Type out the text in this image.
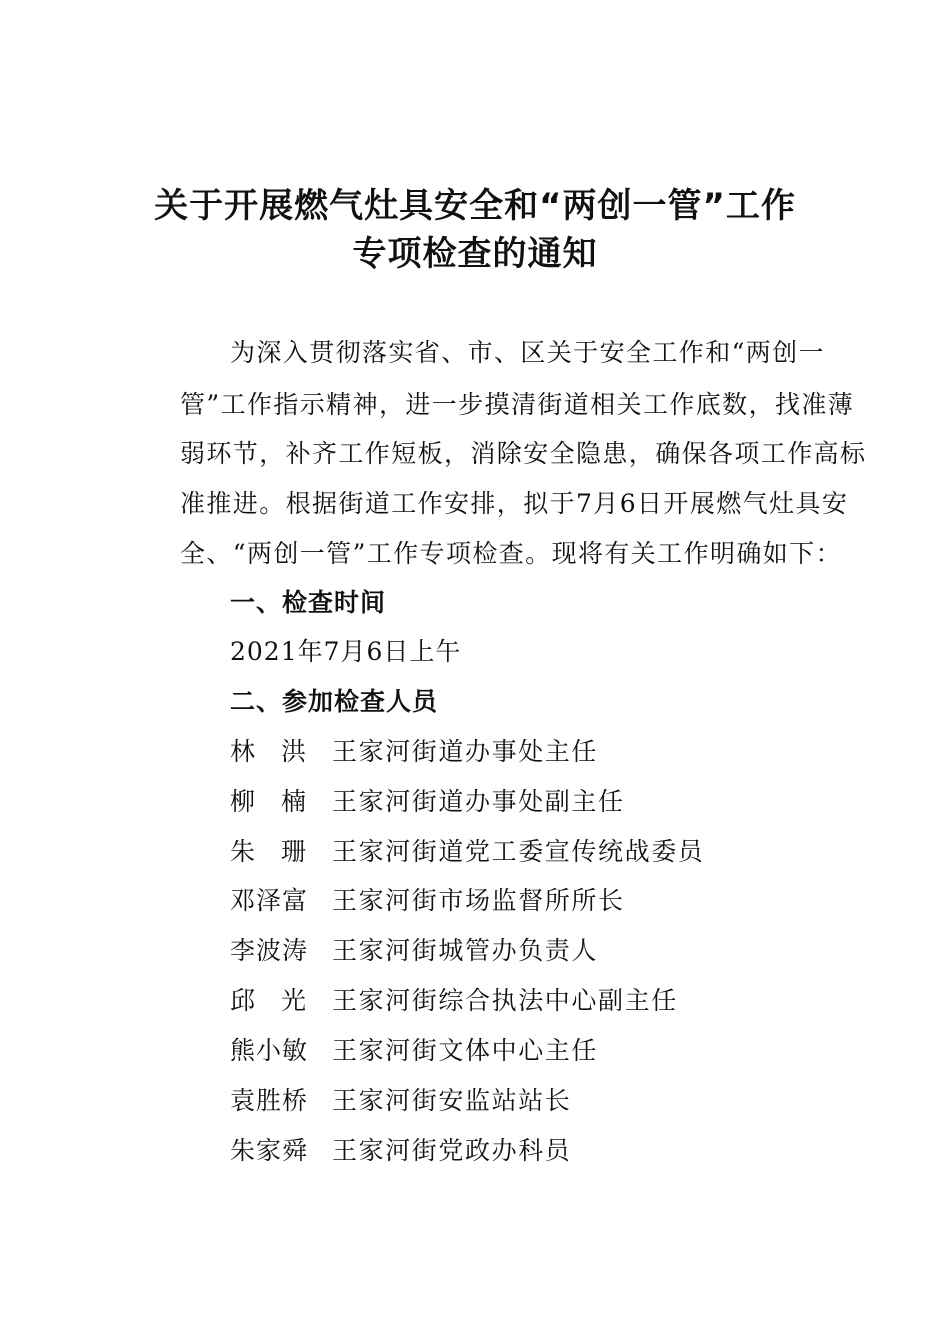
关于开展燃气灶具安全和“两创一管”工作
专项检查的通知
为深入贯彻落实省、市、区关于安全工作和“两创一
管”工作指示精神，进一步摸清街道相关工作底数，找准薄
弱环节，补齐工作短板，消除安全隐患，确保各项工作高标
准推进。根据街道工作安排，拟于7月6日开展燃气灶具安
全、“两创一管”工作专项检查。现将有关工作明确如下：
一、检查时间
2021年7月6日上午
二、参加检查人员
林洪王家河街道办事处主任
柳楠王家河街道办事处副主任
朱珊王家河街道党工委宣传统战委员
邓泽富 王家河街市场监督所所长
李波涛 王家河街城管办负责人
邱光王家河街综合执法中心副主任
熊小敏 王家河街文体中心主任
袁胜桥 王家河街安监站站长
朱家舜 王家河街党政办科员
